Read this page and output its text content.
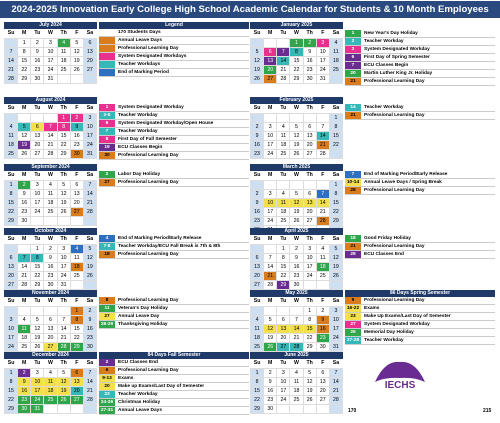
2024-2025 Innovation Early College High School Academic Calendar for Students & 10 Month Employees
July 2024
Su	M	Tu	W	Th	F	Sa
	1	2	3	4	5	6
7	8	9	10	11	12	13
14	15	16	17	18	19	20
21	22	23	24	25	26	27
28	29	30	31			
January 2025
Su	M	Tu	W	Th	F	Sa
			1	2	3	4
5	6	7	8	9	10	11
12	13	14	15	16	17	18
19	20	21	22	23	24	25
26	27	28	29	30	31	
August 2024
Su	M	Tu	W	Th	F	Sa
				1	2	3
4	5	6	7	8	9	10
11	12	13	14	15	16	17
18	19	20	21	22	23	24
25	26	27	28	29	30	31
February 2025
Su	M	Tu	W	Th	F	Sa
						1
2	3	4	5	6	7	8
9	10	11	12	13	14	15
16	17	18	19	20	21	22
23	24	25	26	27	28	
September 2024
Su	M	Tu	W	Th	F	Sa
1	2	3	4	5	6	7
8	9	10	11	12	13	14
15	16	17	18	19	20	21
22	23	24	25	26	27	28
29	30					
March 2025
Su	M	Tu	W	Th	F	Sa
						1
2	3	4	5	6	7	8
9	10	11	12	13	14	15
16	17	18	19	20	21	22
23	24	25	26	27	28	29

October 2024
Su	M	Tu	W	Th	F	Sa
		1	2	3	4	5
6	7	8	9	10	11	12
13	14	15	16	17	18	19
20	21	22	23	24	25	26
27	28	29	30	31		
April 2025
Su	M	Tu	W	Th	F	Sa
		1	2	3	4	5
6	7	8	9	10	11	12
13	14	15	16	17	18	19
20	21	22	23	24	25	26
27	28	29	30			
November 2024
Su	M	Tu	W	Th	F	Sa
					1	2
3	4	5	6	7	8	9
10	11	12	13	14	15	16
17	18	19	20	21	22	23
24	25	26	27	28	29	30
May 2025
Su	M	Tu	W	Th	F	Sa
				1	2	3
4	5	6	7	8	9	10
11	12	13	14	15	16	17
18	19	20	21	22	23	24
25	26	27	28	29	30	31
December 2024
Su	M	Tu	W	Th	F	Sa
1	2	3	4	5	6	7
8	9	10	11	12	13	14
15	16	17	18	19	20	21
22	23	24	25	26	27	28
29	30	31				
June 2025
Su	M	Tu	W	Th	F	Sa
1	2	3	4	5	6	7
8	9	10	11	12	13	14
15	16	17	18	19	20	21
22	23	24	25	26	27	28
29	30					
Legend
170 Students Days
Annual Leave Days
Professional Learning Day
System Designated Workdays
Teacher Workdays
End of Marking Period
1	New Year's Day Holiday
2	Teacher Workday
3	System Designated Workday
6	First Day of Spring Semester
7	ECU Classes Begin
20	Martin Luther King Jr. Holiday
21	Professional Learning Day
1	System Designated Workday
2-5	Teacher Workday
6	System Designated Workday/Open House
7	Teacher Workday
8	First Day of Fall Semester
19	ECU Classes Begin
30	Professional Learning Day
14	Teacher Workday
21	Professional Learning Day
2	Labor Day Holiday
27	Professional Learning Day
7	End of Marking Period/Early Release
10-14	Annual Leave Days / Spring Break
28	Professional Learning Day
4	End of Marking Period/Early Release
7-8	Teacher Workday/ECU Fall Break is 7th & 8th
18	Professional Learning Day
18	Good Friday Holiday
21	Professional Learning Day
29	ECU Classes End
8	Professional Learning Day
11	Veteran's Day Holiday
27	Annual Leave Day
28-29	Thanksgiving Holiday
86 Days Spring Semester
9	Professional Learning Day
16-22	Exams
23	Make Up Exams/Last Day of Semester
27	System Designated Workday
26	Memorial Day Holiday
27-28	Teacher Workday
84 Days Fall Semester
2	ECU Classes End
6	Professional Learning Day
9-13	Exams
20	Make up Exams/Last Day of Semester
23	Teacher Workday
24-26	Christmas Holiday
27-31	Annual Leave Days
IECHS
170	215
